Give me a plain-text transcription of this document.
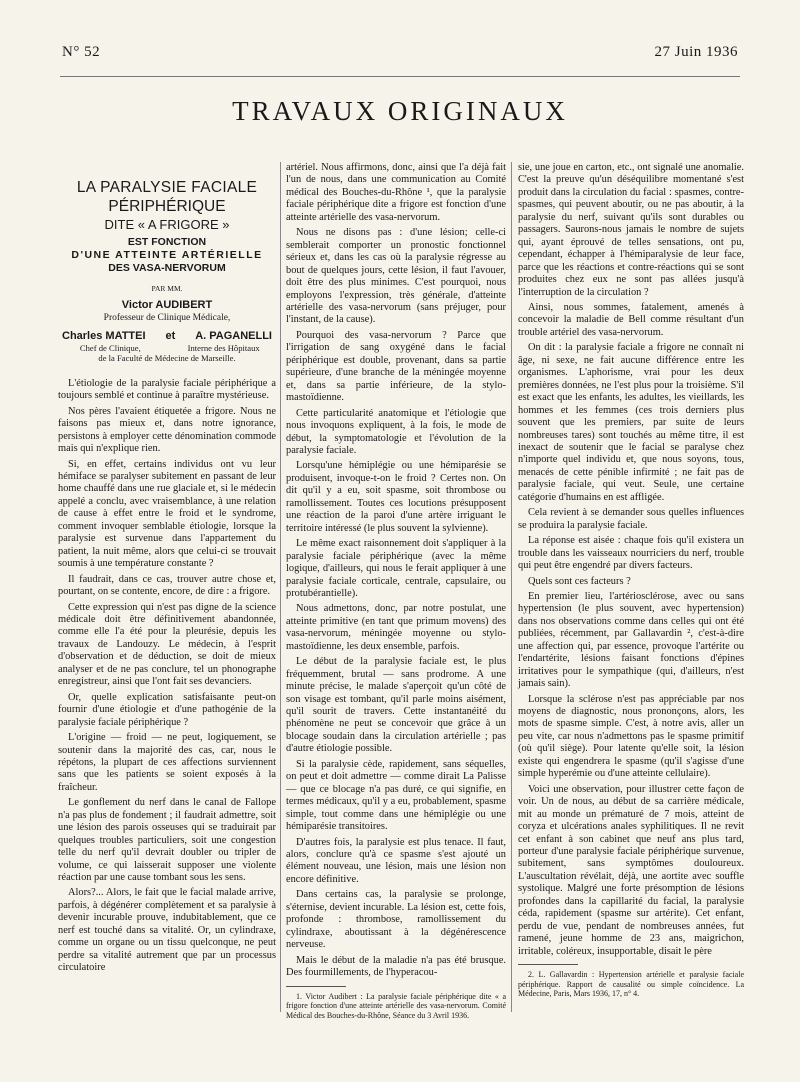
N° 52	27 Juin 1936
TRAVAUX ORIGINAUX
LA PARALYSIE FACIALE
PÉRIPHÉRIQUE
DITE « A FRIGORE »
EST FONCTION
D'UNE ATTEINTE ARTÉRIELLE
DES VASA-NERVORUM
PAR MM.
Victor AUDIBERT
Professeur de Clinique Médicale,
Charles MATTEI et A. PAGANELLI
Chef de Clinique,	Interne des Hôpitaux
de la Faculté de Médecine de Marseille.

L'étiologie de la paralysie faciale périphérique a toujours semblé et continue à paraître mystérieuse.

Nos pères l'avaient étiquetée a frigore. Nous ne faisons pas mieux et, dans notre ignorance, persistons à employer cette dénomination commode mais qui n'explique rien.

Si, en effet, certains individus ont vu leur hémiface se paralyser subitement en passant de leur home chauffé dans une rue glaciale et, si le médecin appelé a conclu, avec vraisemblance, à une relation de cause à effet entre le froid et le syndrome, comment invoquer semblable étiologie, lorsque la paralysie est survenue dans l'appartement du patient, la nuit même, alors que celui-ci se trouvait soumis à une température constante ?

Il faudrait, dans ce cas, trouver autre chose et, pourtant, on se contente, encore, de dire : a frigore.

Cette expression qui n'est pas digne de la science médicale doit être définitivement abandonnée, comme elle l'a été pour la pleurésie, depuis les travaux de Landouzy. Le médecin, à l'esprit d'observation et de déduction, se doit de mieux analyser et de ne pas conclure, tel un phonographe enregistreur, ainsi que l'ont fait ses devanciers.

Or, quelle explication satisfaisante peut-on fournir d'une étiologie et d'une pathogénie de la paralysie faciale périphérique ?

L'origine — froid — ne peut, logiquement, se soutenir dans la majorité des cas, car, nous le répétons, la plupart de ces affections surviennent sans que les patients se soient exposés à la fraîcheur.

Le gonflement du nerf dans le canal de Fallope n'a pas plus de fondement ; il faudrait admettre, soit une lésion des parois osseuses qui se traduirait par quelques troubles particuliers, soit une congestion telle du nerf qu'il devrait doubler ou tripler de volume, ce qui laisserait supposer une violente réaction par une cause tombant sous les sens.

Alors?... Alors, le fait que le facial malade arrive, parfois, à dégénérer complètement et sa paralysie à devenir incurable prouve, indubitablement, que ce nerf est touché dans sa vitalité. Or, un cylindraxe, comme un organe ou un tissu quelconque, ne peut perdre sa vitalité autrement que par un processus circulatoire

artériel. Nous affirmons, donc, ainsi que l'a déjà fait l'un de nous, dans une communication au Comité médical des Bouches-du-Rhône ¹, que la paralysie faciale périphérique dite a frigore est fonction d'une atteinte artérielle des vasa-nervorum.

Nous ne disons pas : d'une lésion; celle-ci semblerait comporter un pronostic fonctionnel sérieux et, dans les cas où la paralysie régresse au bout de quelques jours, cette lésion, il faut l'avouer, doit être des plus minimes. C'est pourquoi, nous employons l'expression, très générale, d'atteinte artérielle des vasa-nervorum (sans préjuger, pour l'instant, de la cause).

Pourquoi des vasa-nervorum ? Parce que l'irrigation de sang oxygéné dans le facial périphérique est double, provenant, dans sa partie supérieure, d'une branche de la méningée moyenne et, dans sa partie inférieure, de la stylo-mastoïdienne.

Cette particularité anatomique et l'étiologie que nous invoquons expliquent, à la fois, le mode de début, la symptomatologie et l'évolution de la paralysie faciale.

Lorsqu'une hémiplégie ou une hémiparésie se produisent, invoque-t-on le froid ? Certes non. On dit qu'il y a eu, soit spasme, soit thrombose ou ramollissement. Toutes ces locutions présupposent une réaction de la paroi d'une artère irriguant le territoire intéressé (le plus souvent la sylvienne).

Le même exact raisonnement doit s'appliquer à la paralysie faciale périphérique (avec la même logique, d'ailleurs, qui nous le ferait appliquer à une paralysie faciale corticale, centrale, capsulaire, ou protubérantielle).

Nous admettons, donc, par notre postulat, une atteinte primitive (en tant que primum movens) des vasa-nervorum, méningée moyenne ou stylo-mastoïdienne, les deux ensemble, parfois.

Le début de la paralysie faciale est, le plus fréquemment, brutal — sans prodrome. A une minute précise, le malade s'aperçoit qu'un côté de son visage est tombant, qu'il parle moins aisément, qu'il sourit de travers. Cette instantanéité du phénomène ne peut se concevoir que grâce à un blocage soudain dans la circulation artérielle ; pas d'autre étiologie possible.

Si la paralysie cède, rapidement, sans séquelles, on peut et doit admettre — comme dirait La Palisse — que ce blocage n'a pas duré, ce qui signifie, en termes médicaux, qu'il y a eu, probablement, spasme simple, tout comme dans une hémiplégie ou une hémiparésie transitoires.

D'autres fois, la paralysie est plus tenace. Il faut, alors, conclure qu'à ce spasme s'est ajouté un élément nouveau, une lésion, mais une lésion non encore définitive.

Dans certains cas, la paralysie se prolonge, s'éternise, devient incurable. La lésion est, cette fois, profonde : thrombose, ramollissement du cylindraxe, aboutissant à la dégénérescence nerveuse.

Mais le début de la maladie n'a pas été brusque. Des fourmillements, de l'hyperacou-

1. Victor Audibert : La paralysie faciale périphérique dite « a frigore fonction d'une atteinte artérielle des vasa-nervorum. Comité Médical des Bouches-du-Rhône, Séance du 3 Avril 1936.

sie, une joue en carton, etc., ont signalé une anomalie. C'est la preuve qu'un déséquilibre momentané s'est produit dans la circulation du facial : spasmes, contre-spasmes, qui peuvent aboutir, ou ne pas aboutir, à la paralysie du nerf, suivant qu'ils sont durables ou passagers. Saurons-nous jamais le nombre de sujets qui, ayant éprouvé de telles sensations, ont pu, cependant, échapper à l'hémiparalysie de leur face, parce que les réactions et contre-réactions qui se sont produites chez eux ne sont pas allées jusqu'à l'interruption de la circulation ?

Ainsi, nous sommes, fatalement, amenés à concevoir la maladie de Bell comme résultant d'un trouble artériel des vasa-nervorum.

On dit : la paralysie faciale a frigore ne connaît ni âge, ni sexe, ne fait aucune différence entre les organismes. L'aphorisme, vrai pour les deux premières données, ne l'est plus pour la troisième. S'il est exact que les enfants, les adultes, les vieillards, les hommes et les femmes (ces trois derniers plus souvent que les premiers, par suite de leurs nombreuses tares) sont touchés au même titre, il est inexact de soutenir que le facial se paralyse chez n'importe quel individu et, que nous soyons, tous, menacés de cette pénible infirmité ; ne fait pas de paralysie faciale, qui veut. Seule, une certaine catégorie d'humains en est affligée.

Cela revient à se demander sous quelles influences se produira la paralysie faciale.

La réponse est aisée : chaque fois qu'il existera un trouble dans les vaisseaux nourriciers du nerf, trouble qui peut être engendré par divers facteurs.

Quels sont ces facteurs ?

En premier lieu, l'artériosclérose, avec ou sans hypertension (le plus souvent, avec hypertension) dans nos observations comme dans celles qui ont été publiées, récemment, par Gallavardin ², c'est-à-dire une affection qui, par essence, provoque l'artérite ou l'endartérite, lésions faisant fonctions d'épines irritatives pour le sympathique (qui, d'ailleurs, n'est jamais sain).

Lorsque la sclérose n'est pas appréciable par nos moyens de diagnostic, nous prononçons, alors, les mots de spasme simple. C'est, à notre avis, aller un peu vite, car nous n'admettons pas le spasme primitif (où qu'il siège). Pour latente qu'elle soit, la lésion existe qui engendrera le spasme (qu'il s'agisse d'une simple hyperémie ou d'une atteinte cellulaire).

Voici une observation, pour illustrer cette façon de voir. Un de nous, au début de sa carrière médicale, mit au monde un prématuré de 7 mois, atteint de coryza et ulcérations anales syphilitiques. Il ne revit cet enfant à son cabinet que neuf ans plus tard, porteur d'une paralysie faciale périphérique survenue, subitement, sans symptômes douloureux. L'auscultation révélait, déjà, une aortite avec souffle systolique. Malgré une forte présomption de lésions profondes dans la capillarité du facial, la paralysie céda, rapidement (spasme sur artérite). Cet enfant, perdu de vue, pendant de nombreuses années, fut ramené, jeune homme de 23 ans, maigrichon, irritable, coléreux, insupportable, disait le père

2. L. Gallavardin : Hypertension artérielle et paralysie faciale périphérique. Rapport de causalité ou simple coïncidence. La Médecine, Paris, Mars 1936, 17, n° 4.
